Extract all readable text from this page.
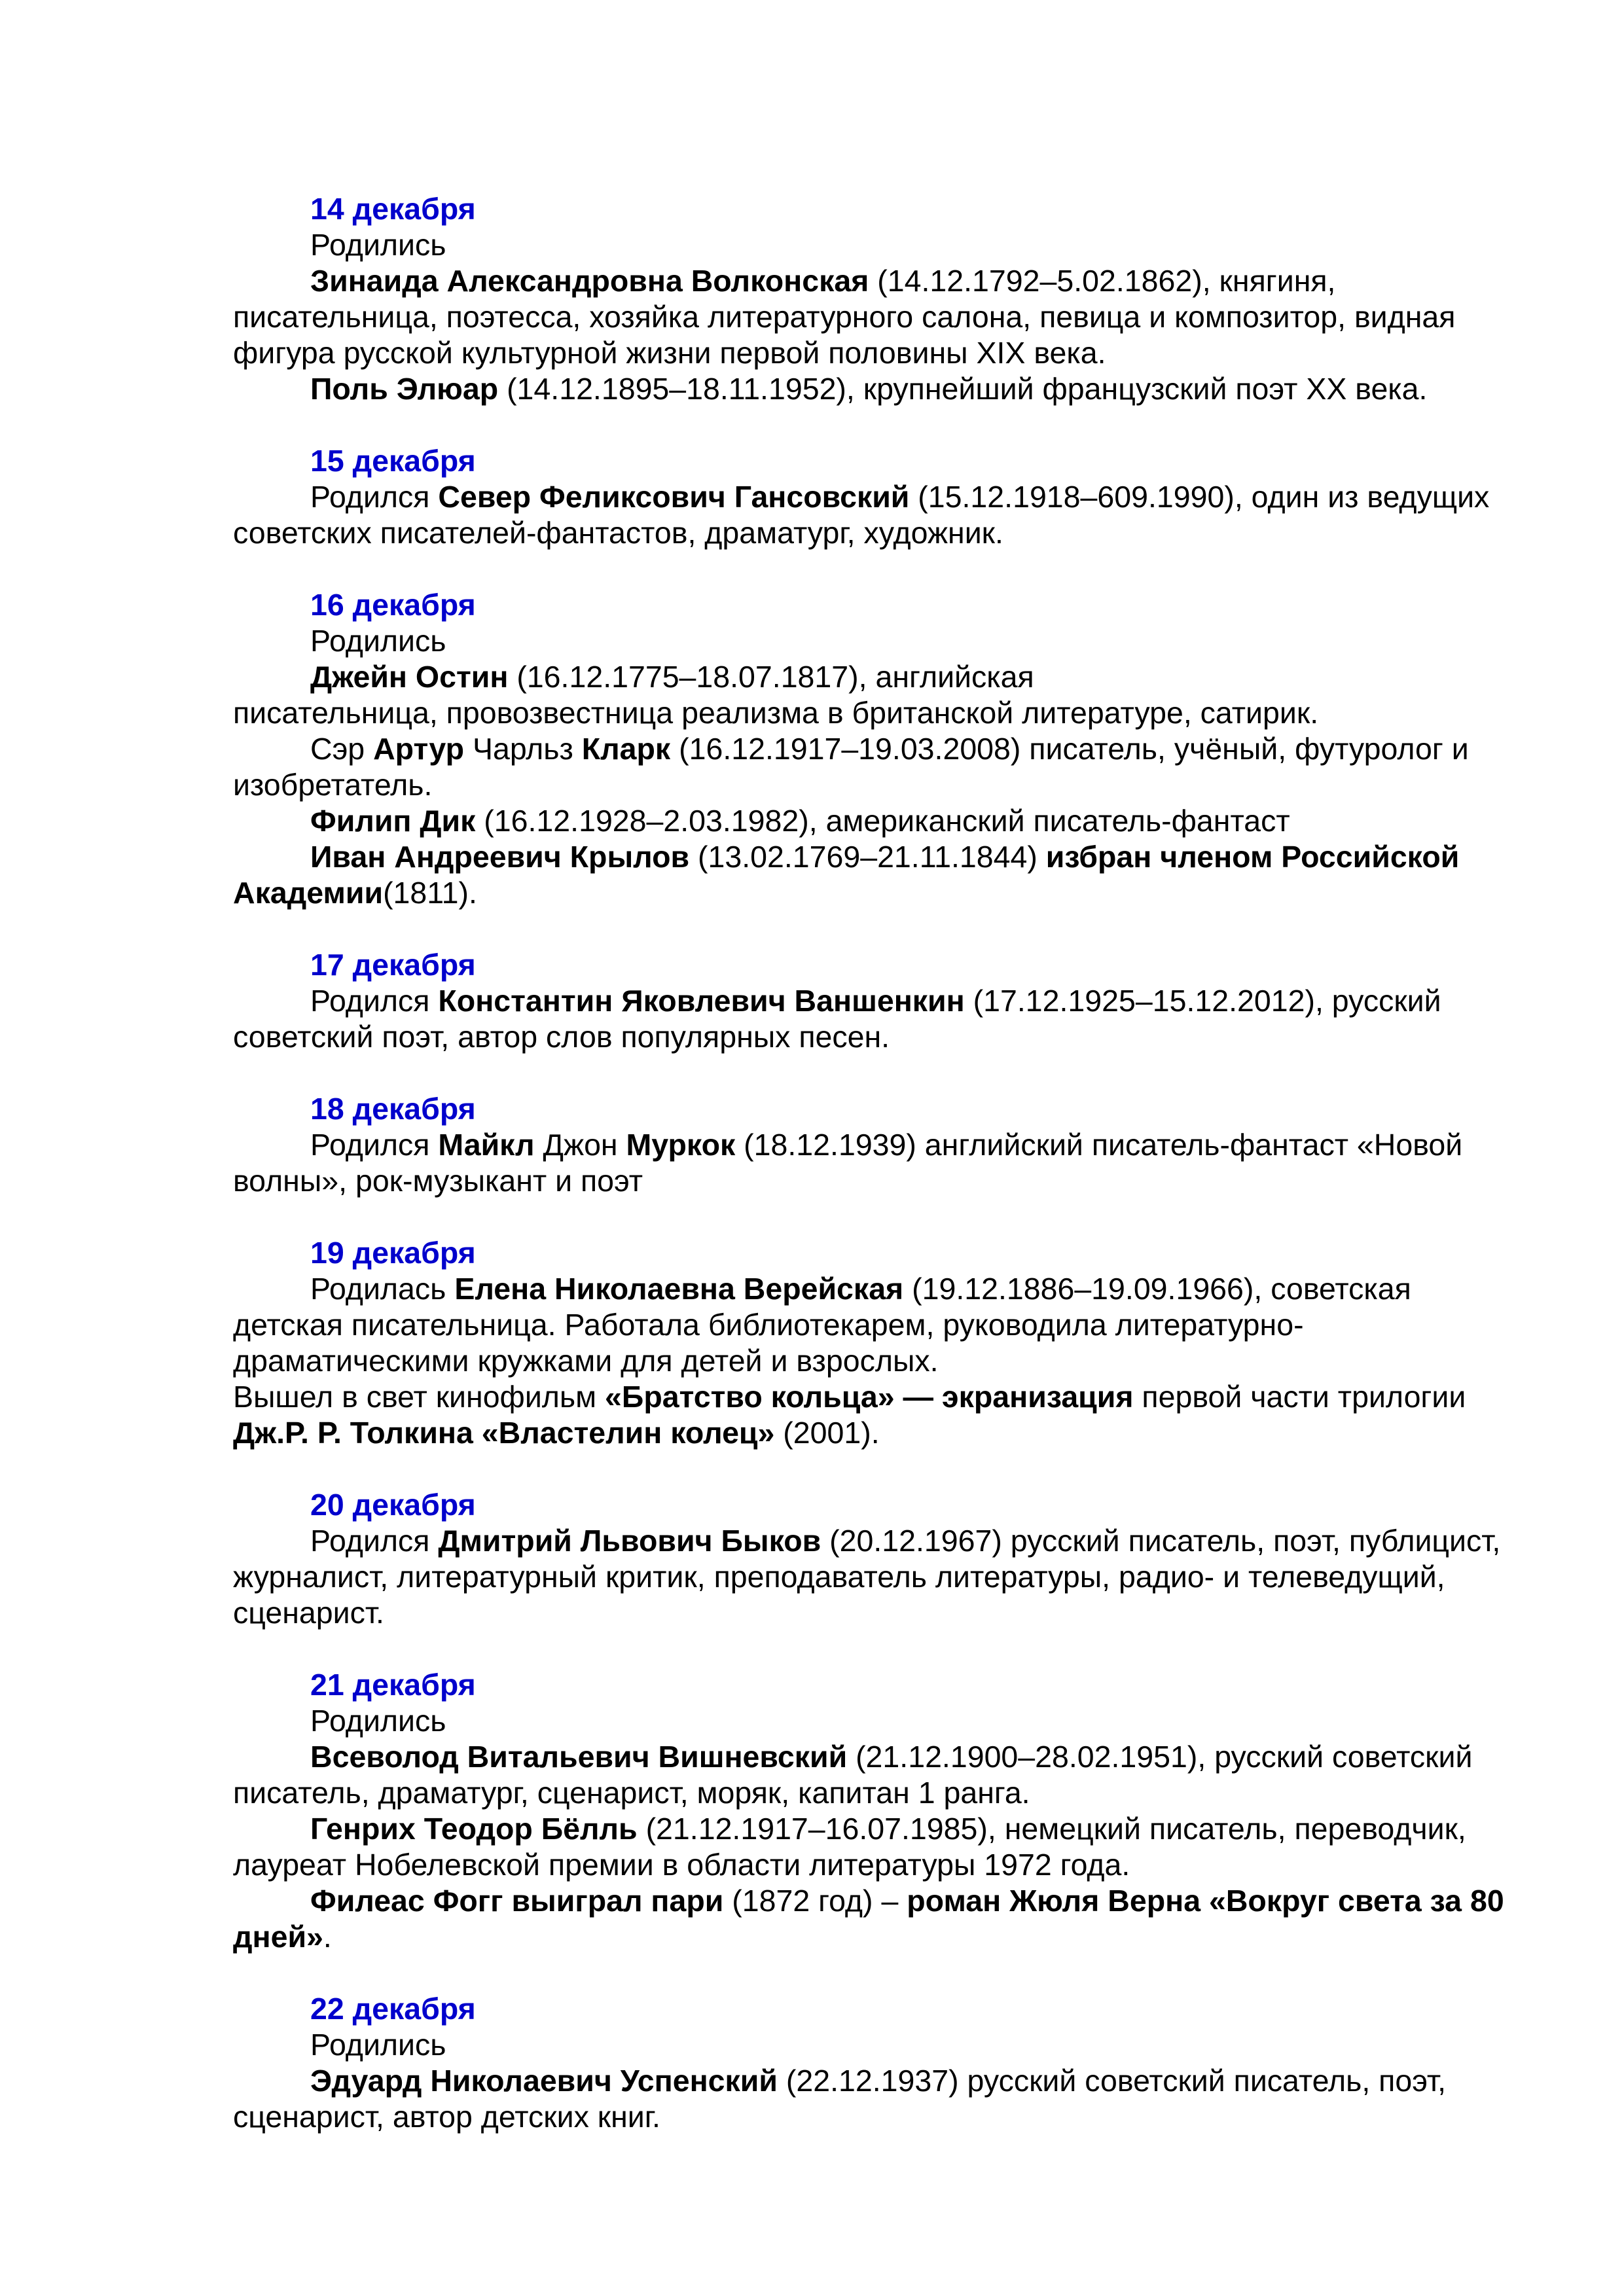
14 декабря
Родились
Зинаида Александровна Волконская (14.12.1792–5.02.1862), княгиня, писательница, поэтесса, хозяйка литературного салона, певица и композитор, видная фигура русской культурной жизни первой половины XIX века.
Поль Элюар (14.12.1895–18.11.1952), крупнейший французский поэт XX века.
15 декабря
Родился Север Феликсович Гансовский (15.12.1918–609.1990), один из ведущих советских писателей-фантастов, драматург, художник.
16 декабря
Родились
Джейн Остин (16.12.1775–18.07.1817), английская
писательница, провозвестница реализма в британской литературе, сатирик.
Сэр Артур Чарльз Кларк (16.12.1917–19.03.2008) писатель, учёный, футуролог и изобретатель.
Филип Дик (16.12.1928–2.03.1982), американский писатель-фантаст
Иван Андреевич Крылов (13.02.1769–21.11.1844) избран членом Российской Академии(1811).
17 декабря
Родился Константин Яковлевич Ваншенкин (17.12.1925–15.12.2012), русский советский поэт, автор слов популярных песен.
18 декабря
Родился Майкл Джон Муркок (18.12.1939) английский писатель-фантаст «Новой волны», рок-музыкант и поэт
19 декабря
Родилась Елена Николаевна Верейская (19.12.1886–19.09.1966), советская детская писательница. Работала библиотекарем, руководила литературно-драматическими кружками для детей и взрослых.
Вышел в свет кинофильм «Братство кольца» — экранизация первой части трилогии Дж.Р. Р. Толкина «Властелин колец» (2001).
20 декабря
Родился Дмитрий Львович Быков (20.12.1967) русский писатель, поэт, публицист, журналист, литературный критик, преподаватель литературы, радио- и телеведущий, сценарист.
21 декабря
Родились
Всеволод Витальевич Вишневский (21.12.1900–28.02.1951), русский советский писатель, драматург, сценарист, моряк, капитан 1 ранга.
Генрих Теодор Бёлль (21.12.1917–16.07.1985), немецкий писатель, переводчик, лауреат Нобелевской премии в области литературы 1972 года.
Филеас Фогг выиграл пари (1872 год) – роман Жюля Верна «Вокруг света за 80 дней».
22 декабря
Родились
Эдуард Николаевич Успенский (22.12.1937) русский советский писатель, поэт, сценарист, автор детских книг.
